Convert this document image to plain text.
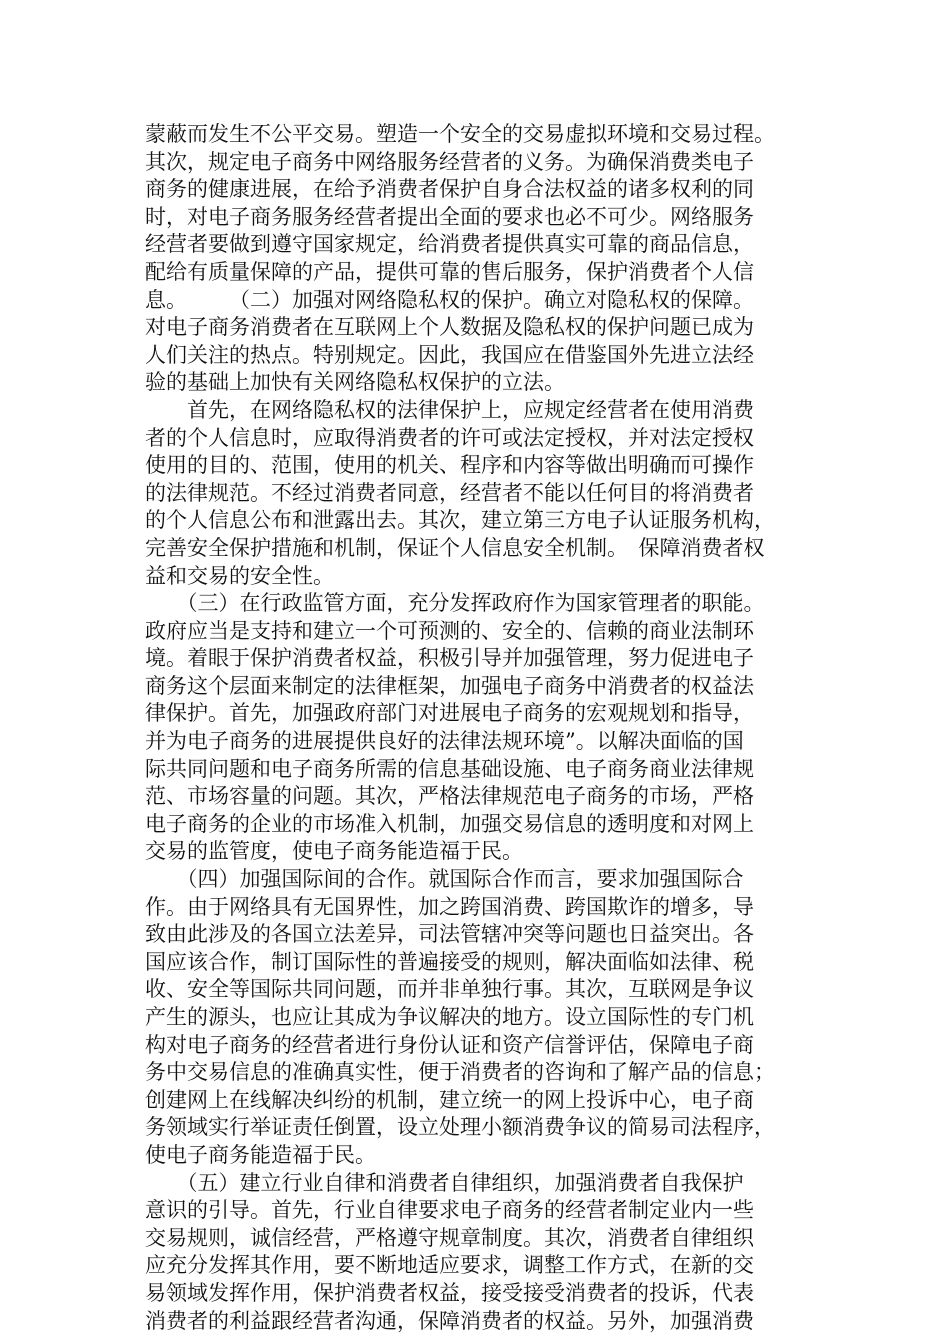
蒙蔽而发生不公平交易。塑造一个安全的交易虚拟环境和交易过程。
其次，规定电子商务中网络服务经营者的义务。为确保消费类电子
商务的健康进展，在给予消费者保护自身合法权益的诸多权利的同
时，对电子商务服务经营者提出全面的要求也必不可少。网络服务
经营者要做到遵守国家规定，给消费者提供真实可靠的商品信息，
配给有质量保障的产品，提供可靠的售后服务，保护消费者个人信
息。　　　（二）加强对网络隐私权的保护。确立对隐私权的保障。
对电子商务消费者在互联网上个人数据及隐私权的保护问题已成为
人们关注的热点。特别规定。因此，我国应在借鉴国外先进立法经
验的基础上加快有关网络隐私权保护的立法。
　　首先，在网络隐私权的法律保护上，应规定经营者在使用消费
者的个人信息时，应取得消费者的许可或法定授权，并对法定授权
使用的目的、范围，使用的机关、程序和内容等做出明确而可操作
的法律规范。不经过消费者同意，经营者不能以任何目的将消费者
的个人信息公布和泄露出去。其次，建立第三方电子认证服务机构，
完善安全保护措施和机制，保证个人信息安全机制。　保障消费者权
益和交易的安全性。
　　（三）在行政监管方面，充分发挥政府作为国家管理者的职能。
政府应当是支持和建立一个可预测的、安全的、信赖的商业法制环
境。着眼于保护消费者权益，积极引导并加强管理，努力促进电子
商务这个层面来制定的法律框架，加强电子商务中消费者的权益法
律保护。首先，加强政府部门对进展电子商务的宏观规划和指导，
并为电子商务的进展提供良好的法律法规环境”。以解决面临的国
际共同问题和电子商务所需的信息基础设施、电子商务商业法律规
范、市场容量的问题。其次，严格法律规范电子商务的市场，严格
电子商务的企业的市场准入机制，加强交易信息的透明度和对网上
交易的监管度，使电子商务能造福于民。
　　（四）加强国际间的合作。就国际合作而言，要求加强国际合
作。由于网络具有无国界性，加之跨国消费、跨国欺诈的增多，导
致由此涉及的各国立法差异，司法管辖冲突等问题也日益突出。各
国应该合作，制订国际性的普遍接受的规则，解决面临如法律、税
收、安全等国际共同问题，而并非单独行事。其次，互联网是争议
产生的源头，也应让其成为争议解决的地方。设立国际性的专门机
构对电子商务的经营者进行身份认证和资产信誉评估，保障电子商
务中交易信息的准确真实性，便于消费者的咨询和了解产品的信息；
创建网上在线解决纠纷的机制，建立统一的网上投诉中心，电子商
务领域实行举证责任倒置，设立处理小额消费争议的简易司法程序，
使电子商务能造福于民。
　　（五）建立行业自律和消费者自律组织，加强消费者自我保护
意识的引导。首先，行业自律要求电子商务的经营者制定业内一些
交易规则，诚信经营，严格遵守规章制度。其次，消费者自律组织
应充分发挥其作用，要不断地适应要求，调整工作方式，在新的交
易领域发挥作用，保护消费者权益，接受接受消费者的投诉，代表
消费者的利益跟经营者沟通，保障消费者的权益。另外，加强消费
